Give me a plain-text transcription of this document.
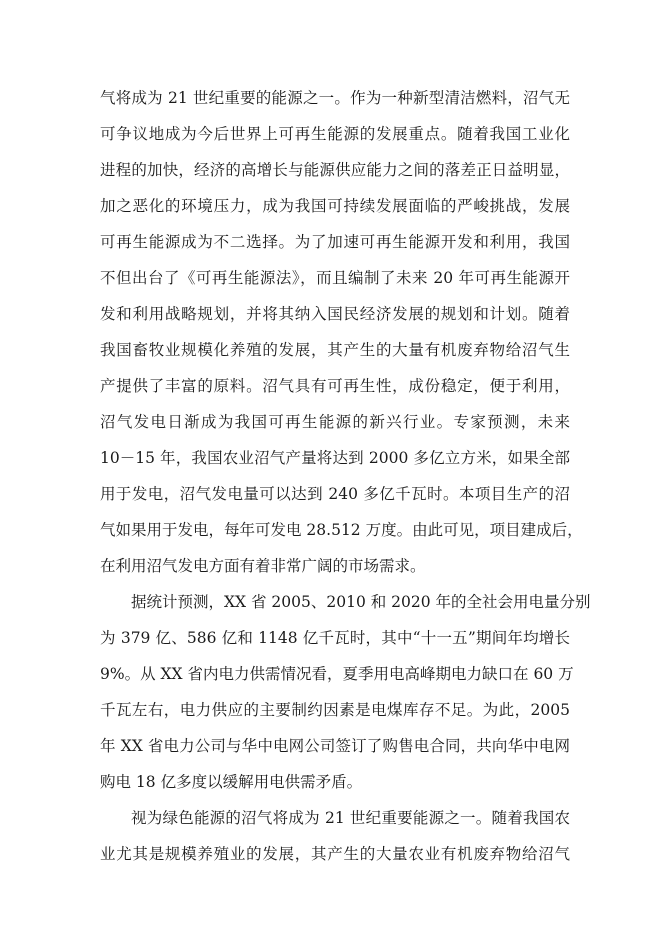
气将成为 21 世纪重要的能源之一。作为一种新型清洁燃料，沼气无
可争议地成为今后世界上可再生能源的发展重点。随着我国工业化
进程的加快，经济的高增长与能源供应能力之间的落差正日益明显，
加之恶化的环境压力，成为我国可持续发展面临的严峻挑战，发展
可再生能源成为不二选择。为了加速可再生能源开发和利用，我国
不但出台了《可再生能源法》，而且编制了未来 20 年可再生能源开
发和利用战略规划，并将其纳入国民经济发展的规划和计划。随着
我国畜牧业规模化养殖的发展，其产生的大量有机废弃物给沼气生
产提供了丰富的原料。沼气具有可再生性，成份稳定，便于利用，
沼气发电日渐成为我国可再生能源的新兴行业。专家预测，未来
10－15 年，我国农业沼气产量将达到 2000 多亿立方米，如果全部
用于发电，沼气发电量可以达到 240 多亿千瓦时。本项目生产的沼
气如果用于发电，每年可发电 28.512 万度。由此可见，项目建成后，
在利用沼气发电方面有着非常广阔的市场需求。
据统计预测，XX 省 2005、2010 和 2020 年的全社会用电量分别
为 379 亿、586 亿和 1148 亿千瓦时，其中“十一五”期间年均增长
9%。从 XX 省内电力供需情况看，夏季用电高峰期电力缺口在 60 万
千瓦左右，电力供应的主要制约因素是电煤库存不足。为此，2005
年 XX 省电力公司与华中电网公司签订了购售电合同，共向华中电网
购电 18 亿多度以缓解用电供需矛盾。
视为绿色能源的沼气将成为 21 世纪重要能源之一。随着我国农
业尤其是规模养殖业的发展，其产生的大量农业有机废弃物给沼气
